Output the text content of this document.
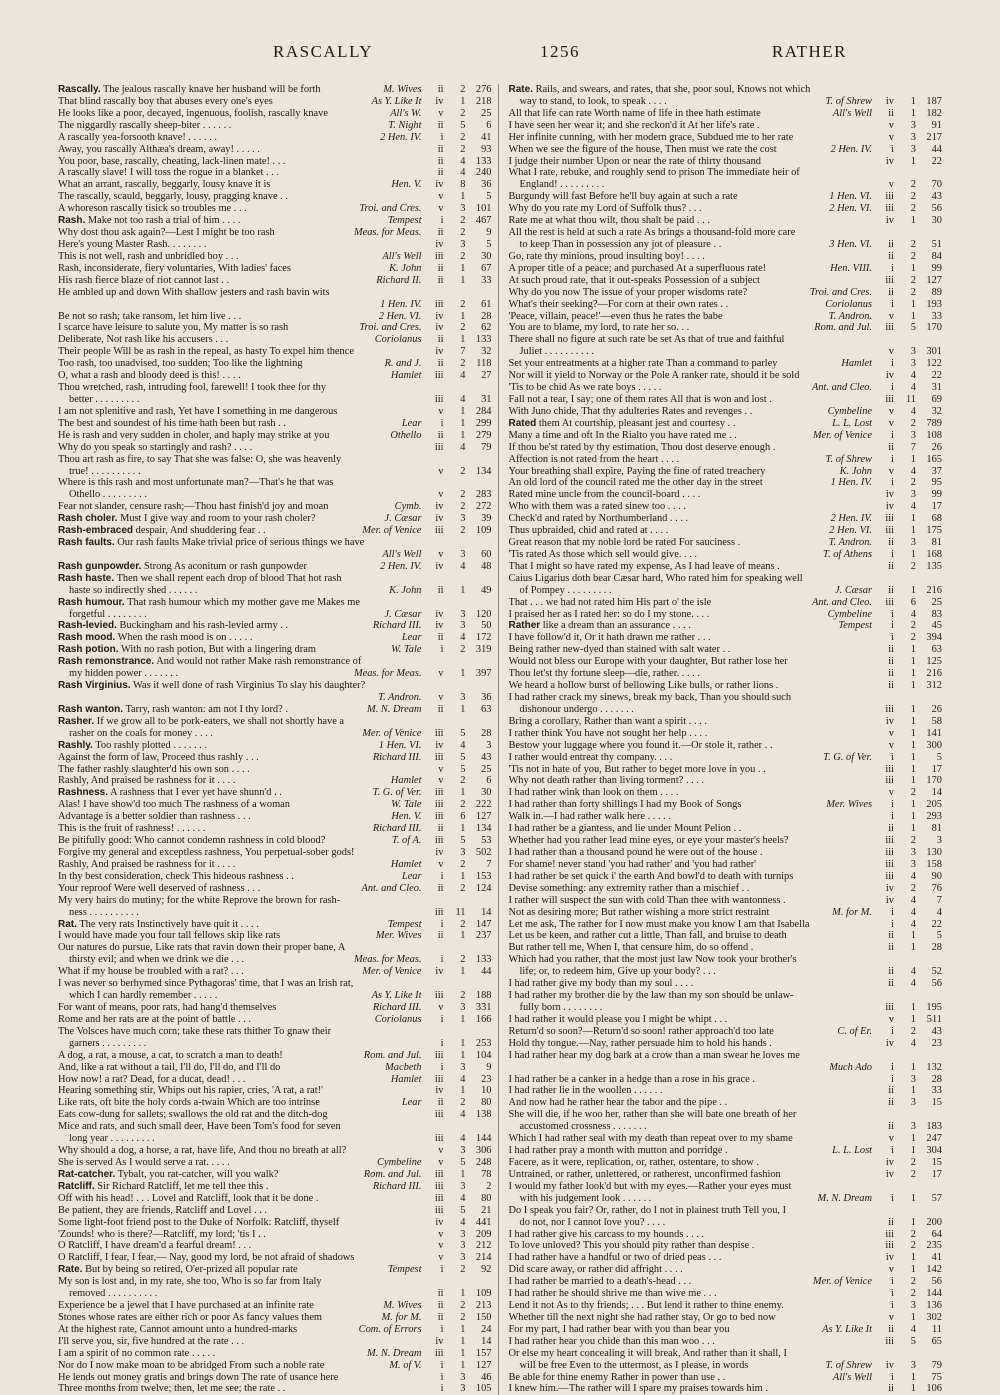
RASCALLY	1256	RATHER
Rascally. The jealous rascally knave her husband will be forth	M. Wives	ii	2	276
That blind rascally boy that abuses every one's eyes	As Y. Like It	iv	1	218
He looks like a poor, decayed, ingenuous, foolish, rascally knave	All's W.	v	2	25
The niggardly rascally sheep-biter . . . . . .	T. Night	ii	5	6
A rascally yea-forsooth knave! . . . . . .	2 Hen. IV.	i	2	41
Away, you rascally Althæa's dream, away! . . . . .	ii	2	93
You poor, base, rascally, cheating, lack-linen mate! . . .	ii	4	133
A rascally slave! I will toss the rogue in a blanket . . .	ii	4	240
What an arrant, rascally, beggarly, lousy knave it is	Hen. V.	iv	8	36
The rascally, scauld, beggarly, lousy, pragging knave . .	v	1	5
A whoreson rascally tisick so troubles me . . .	Troi. and Cres.	v	3	101
Rash. Make not too rash a trial of him . . . .	Tempest	i	2	467
Why dost thou ask again?—Lest I might be too rash	Meas. for Meas.	ii	2	9
Here's young Master Rash. . . . . . . .	iv	3	5
This is not well, rash and unbridled boy . . .	All's Well	iii	2	30
Rash, inconsiderate, fiery voluntaries, With ladies' faces	K. John	ii	1	67
His rash fierce blaze of riot cannot last . .	Richard II.	ii	1	33
He ambled up and down With shallow jesters and rash bavin wits
1 Hen. IV.	iii	2	61
Be not so rash; take ransom, let him live . . .	2 Hen. VI.	iv	1	28
I scarce have leisure to salute you, My matter is so rash	Troi. and Cres.	iv	2	62
Deliberate, Not rash like his accusers . . .	Coriolanus	ii	1	133
Their people Will be as rash in the repeal, as hasty To expel him thence	iv	7	32
Too rash, too unadvised, too sudden; Too like the lightning	R. and J.	ii	2	118
O, what a rash and bloody deed is this! . . . .	Hamlet	iii	4	27
Thou wretched, rash, intruding fool, farewell! I took thee for thy
better . . . . . . . . .	iii	4	31
I am not splenitive and rash, Yet have I something in me dangerous	v	1	284
The best and soundest of his time hath been but rash . .	Lear	i	1	299
He is rash and very sudden in choler, and haply may strike at you	Othello	ii	1	279
Why do you speak so startingly and rash? . . . .	iii	4	79
Thou art rash as fire, to say That she was false: O, she was heavenly
true! . . . . . . . . . .	v	2	134
Where is this rash and most unfortunate man?—That's he that was
Othello . . . . . . . . .	v	2	283
Fear not slander, censure rash;—Thou hast finish'd joy and moan	Cymb.	iv	2	272
Rash choler. Must I give way and room to your rash choler?	J. Cæsar	iv	3	39
Rash-embraced despair, And shuddering fear . .	Mer. of Venice	iii	2	109
Rash faults. Our rash faults Make trivial price of serious things we have
All's Well	v	3	60
Rash gunpowder. Strong As aconitum or rash gunpowder	2 Hen. IV.	iv	4	48
Rash haste. Then we shall repent each drop of blood That hot rash
haste so indirectly shed . . . . . .	K. John	ii	1	49
Rash humour. That rash humour which my mother gave me Makes me
forgetful . . . . . . . .	J. Cæsar	iv	3	120
Rash-levied. Buckingham and his rash-levied army . .	Richard III.	iv	3	50
Rash mood. When the rash mood is on . . . . .	Lear	ii	4	172
Rash potion. With no rash potion, But with a lingering dram	W. Tale	i	2	319
Rash remonstrance. And would not rather Make rash remonstrance of
my hidden power . . . . . . .	Meas. for Meas.	v	1	397
Rash Virginius. Was it well done of rash Virginius To slay his daughter?
T. Andron.	v	3	36
Rash wanton. Tarry, rash wanton: am not I thy lord? .	M. N. Dream	ii	1	63
Rasher. If we grow all to be pork-eaters, we shall not shortly have a
rasher on the coals for money . . . .	Mer. of Venice	iii	5	28
Rashly. Too rashly plotted . . . . . . .	1 Hen. VI.	iv	4	3
Against the form of law, Proceed thus rashly . . .	Richard III.	iii	5	43
The father rashly slaughter'd his own son . . . .	v	5	25
Rashly, And praised be rashness for it . . . .	Hamlet	v	2	6
Rashness. A rashness that I ever yet have shunn'd . .	T. G. of Ver.	iii	1	30
Alas! I have show'd too much The rashness of a woman	W. Tale	iii	2	222
Advantage is a better soldier than rashness . . .	Hen. V.	iii	6	127
This is the fruit of rashness! . . . . . .	Richard III.	ii	1	134
Be pitifully good: Who cannot condemn rashness in cold blood?	T. of A.	iii	5	53
Forgive my general and exceptless rashness, You perpetual-sober gods!	iv	3	502
Rashly, And praised be rashness for it . . . .	Hamlet	v	2	7
In thy best consideration, check This hideous rashness . .	Lear	i	1	153
Your reproof Were well deserved of rashness . . .	Ant. and Cleo.	ii	2	124
My very hairs do mutiny; for the white Reprove the brown for rash-
ness . . . . . . . . . .	iii	11	14
Rat. The very rats Instinctively have quit it . . . .	Tempest	i	2	147
I would have made you four tall fellows skip like rats	Mer. Wives	ii	1	237
Our natures do pursue, Like rats that ravin down their proper bane, A
thirsty evil; and when we drink we die . . .	Meas. for Meas.	i	2	133
What if my house be troubled with a rat? . . .	Mer. of Venice	iv	1	44
I was never so berhymed since Pythagoras' time, that I was an Irish rat,
which I can hardly remember . . . . .	As Y. Like It	iii	2	188
For want of means, poor rats, had hang'd themselves	Richard III.	v	3	331
Rome and her rats are at the point of battle . . .	Coriolanus	i	1	166
The Volsces have much corn; take these rats thither To gnaw their
garners . . . . . . . . .	i	1	253
A dog, a rat, a mouse, a cat, to scratch a man to death!	Rom. and Jul.	iii	1	104
And, like a rat without a tail, I'll do, I'll do, and I'll do	Macbeth	i	3	9
How now! a rat? Dead, for a ducat, dead! . . .	Hamlet	iii	4	23
Hearing something stir, Whips out his rapier, cries, 'A rat, a rat!'	iv	1	10
Like rats, oft bite the holy cords a-twain Which are too intrinse	Lear	ii	2	80
Eats cow-dung for sallets; swallows the old rat and the ditch-dog	iii	4	138
Mice and rats, and such small deer, Have been Tom's food for seven
long year . . . . . . . . .	iii	4	144
Why should a dog, a horse, a rat, have life, And thou no breath at all?	v	3	306
She is served As I would serve a rat. . . . .	Cymbeline	v	5	248
Rat-catcher. Tybalt, you rat-catcher, will you walk?	Rom. and Jul.	iii	1	78
Ratcliff. Sir Richard Ratcliff, let me tell thee this .	Richard III.	iii	3	2
Off with his head! . . . Lovel and Ratcliff, look that it be done .	iii	4	80
Be patient, they are friends, Ratcliff and Lovel . . .	iii	5	21
Some light-foot friend post to the Duke of Norfolk: Ratcliff, thyself	iv	4	441
'Zounds! who is there?—Ratcliff, my lord; 'tis I . .	v	3	209
O Ratcliff, I have dream'd a fearful dream! . . .	v	3	212
O Ratcliff, I fear, I fear,— Nay, good my lord, be not afraid of shadows	v	3	214
Rate. But by being so retired, O'er-prized all popular rate	Tempest	i	2	92
My son is lost and, in my rate, she too, Who is so far from Italy
removed . . . . . . . . . .	ii	1	109
Experience be a jewel that I have purchased at an infinite rate	M. Wives	ii	2	213
Stones whose rates are either rich or poor As fancy values them	M. for M.	ii	2	150
At the highest rate, Cannot amount unto a hundred-marks	Com. of Errors	i	1	24
I'll serve you, sir, five hundred at the rate . . .	iv	1	14
I am a spirit of no common rate . . . . .	M. N. Dream	iii	1	157
Nor do I now make moan to be abridged From such a noble rate	M. of V.	i	1	127
He lends out money gratis and brings down The rate of usance here	i	3	46
Three months from twelve; then, let me see; the rate . .	i	3	105
Rate. Rails, and swears, and rates, that she, poor soul, Knows not which
way to stand, to look, to speak . . . .	T. of Shrew	iv	1	187
All that life can rate Worth name of life in thee hath estimate	All's Well	ii	1	182
I have seen her wear it; and she reckon'd it At her life's rate .	v	3	91
Her infinite cunning, with her modern grace, Subdued me to her rate	v	3	217
When we see the figure of the house, Then must we rate the cost	2 Hen. IV.	i	3	44
I judge their number Upon or near the rate of thirty thousand	iv	1	22
What I rate, rebuke, and roughly send to prison The immediate heir of
England! . . . . . . . . .	v	2	70
Burgundy will fast Before he'll buy again at such a rate	1 Hen. VI.	iii	2	43
Why do you rate my Lord of Suffolk thus? . . .	2 Hen. VI.	iii	2	56
Rate me at what thou wilt, thou shalt be paid . . .	iv	1	30
All the rest is held at such a rate As brings a thousand-fold more care
to keep Than in possession any jot of pleasure . .	3 Hen. VI.	ii	2	51
Go, rate thy minions, proud insulting boy! . . . .	ii	2	84
A proper title of a peace; and purchased At a superfluous rate!	Hen. VIII.	i	1	99
At such proud rate, that it out-speaks Possession of a subject	iii	2	127
Why do you now The issue of your proper wisdoms rate?	Troi. and Cres.	ii	2	89
What's their seeking?—For corn at their own rates . .	Coriolanus	i	1	193
'Peace, villain, peace!'—even thus he rates the babe	T. Andron.	v	1	33
You are to blame, my lord, to rate her so. . .	Rom. and Jul.	iii	5	170
There shall no figure at such rate be set As that of true and faithful
Juliet . . . . . . . . . .	v	3	301
Set your entreatments at a higher rate Than a command to parley	Hamlet	i	3	122
Nor will it yield to Norway or the Pole A ranker rate, should it be sold	iv	4	22
'Tis to be chid As we rate boys . . . . .	Ant. and Cleo.	i	4	31
Fall not a tear, I say; one of them rates All that is won and lost .	iii	11	69
With Juno chide, That thy adulteries Rates and revenges . .	Cymbeline	v	4	32
Rated them At courtship, pleasant jest and courtesy . .	L. L. Lost	v	2	789
Many a time and oft In the Rialto you have rated me . .	Mer. of Venice	i	3	108
If thou be'st rated by thy estimation, Thou dost deserve enough .	ii	7	26
Affection is not rated from the heart . . . .	T. of Shrew	i	1	165
Your breathing shall expire, Paying the fine of rated treachery	K. John	v	4	37
An old lord of the council rated me the other day in the street	1 Hen. IV.	i	2	95
Rated mine uncle from the council-board . . . .	iv	3	99
Who with them was a rated sinew too . . . .	iv	4	17
Check'd and rated by Northumberland . . . .	2 Hen. IV.	iii	1	68
Thus upbraided, chid and rated at . . . .	2 Hen. VI.	iii	1	175
Great reason that my noble lord be rated For sauciness .	T. Andron.	ii	3	81
'Tis rated As those which sell would give. . . .	T. of Athens	i	1	168
That I might so have rated my expense, As I had leave of means .	ii	2	135
Caius Ligarius doth bear Cæsar hard, Who rated him for speaking well
of Pompey . . . . . . . . .	J. Cæsar	ii	1	216
That . . . we had not rated him His part o' the isle	Ant. and Cleo.	iii	6	25
I praised her as I rated her: so do I my stone. . . .	Cymbeline	i	4	83
Rather like a dream than an assurance . . . .	Tempest	i	2	45
I have follow'd it, Or it hath drawn me rather . . .	i	2	394
Being rather new-dyed than stained with salt water . .	ii	1	63
Would not bless our Europe with your daughter, But rather lose her	ii	1	125
Thou let'st thy fortune sleep—die, rather. . . . .	ii	1	216
We heard a hollow burst of bellowing Like bulls, or rather lions .	ii	1	312
I had rather crack my sinews, break my back, Than you should such
dishonour undergo . . . . . . .	iii	1	26
Bring a corollary, Rather than want a spirit . . . .	iv	1	58
I rather think You have not sought her help . . . .	v	1	141
Bestow your luggage where you found it.—Or stole it, rather . .	v	1	300
I rather would entreat thy company. . . .	T. G. of Ver.	i	1	5
'Tis not in hate of you, But rather to beget more love in you . .	iii	1	17
Why not death rather than living torment? . . . .	iii	1	170
I had rather wink than look on them . . . .	v	2	14
I had rather than forty shillings I had my Book of Songs	Mer. Wives	i	1	205
Walk in.—I had rather walk here . . . . .	i	1	293
I had rather be a giantess, and lie under Mount Pelion . .	ii	1	81
Whether had you rather lead mine eyes, or eye your master's heels?	iii	2	3
I had rather than a thousand pound he were out of the house .	iii	3	130
For shame! never stand 'you had rather' and 'you had rather'	iii	3	158
I had rather be set quick i' the earth And bowl'd to death with turnips	iii	4	90
Devise something: any extremity rather than a mischief . .	iv	2	76
I rather will suspect the sun with cold Than thee with wantonness .	iv	4	7
Not as desiring more; But rather wishing a more strict restraint	M. for M.	i	4	4
Let me ask, The rather for I now must make you know I am that Isabella	i	4	22
Let us be keen, and rather cut a little, Than fall, and bruise to death	ii	1	5
But rather tell me, When I, that censure him, do so offend .	ii	1	28
Which had you rather, that the most just law Now took your brother's
life; or, to redeem him, Give up your body? . . .	ii	4	52
I had rather give my body than my soul . . . .	ii	4	56
I had rather my brother die by the law than my son should be unlaw-
fully born . . . . . . . .	iii	1	195
I had rather it would please you I might be whipt . . .	v	1	511
Return'd so soon?—Return'd so soon! rather approach'd too late	C. of Er.	i	2	43
Hold thy tongue.—Nay, rather persuade him to hold his hands .	iv	4	23
I had rather hear my dog bark at a crow than a man swear he loves me
Much Ado	i	1	132
I had rather be a canker in a hedge than a rose in his grace .	i	3	28
I had rather lie in the woollen . . . . . .	ii	1	33
And now had he rather hear the tabor and the pipe . .	ii	3	15
She will die, if he woo her, rather than she will bate one breath of her
accustomed crossness . . . . . . .	ii	3	183
Which I had rather seal with my death than repeat over to my shame	v	1	247
I had rather pray a month with mutton and porridge .	L. L. Lost	i	1	304
Facere, as it were, replication, or, rather, ostentare, to show .	iv	2	15
Untrained, or rather, unlettered, or ratherest, unconfirmed fashion	iv	2	17
I would my father look'd but with my eyes.—Rather your eyes must
with his judgement look . . . . . .	M. N. Dream	i	1	57
Do I speak you fair? Or, rather, do I not in plainest truth Tell you, I
do not, nor I cannot love you? . . . .	ii	1	200
I had rather give his carcass to my hounds . . . .	iii	2	64
To love unloved? This you should pity rather than despise .	iii	2	235
I had rather have a handful or two of dried peas . . .	iv	1	41
Did scare away, or rather did affright . . . .	v	1	142
I had rather be married to a death's-head . . .	Mer. of Venice	i	2	56
I had rather he should shrive me than wive me . . .	i	2	144
Lend it not As to thy friends; . . . But lend it rather to thine enemy.	i	3	136
Whether till the next night she had rather stay, Or go to bed now	v	1	302
For my part, I had rather bear with you than bear you	As Y. Like It	ii	4	11
I had rather hear you chide than this man woo . . .	iii	5	65
Or else my heart concealing it will break, And rather than it shall, I
will be free Even to the uttermost, as I please, in words	T. of Shrew	iv	3	79
Be able for thine enemy Rather in power than use . .	All's Well	i	1	75
I knew him.—The rather will I spare my praises towards him .	ii	1	106
